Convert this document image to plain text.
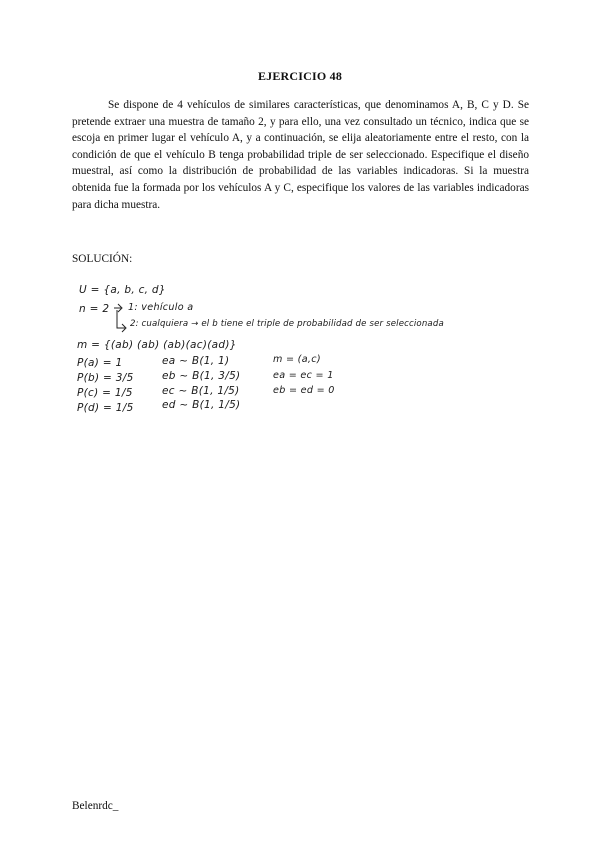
EJERCICIO 48

Se dispone de 4 vehículos de similares características, que denominamos A, B, C y D. Se pretende extraer una muestra de tamaño 2, y para ello, una vez consultado un técnico, indica que se escoja en primer lugar el vehículo A, y a continuación, se elija aleatoriamente entre el resto, con la condición de que el vehículo B tenga probabilidad triple de ser seleccionado. Especifique el diseño muestral, así como la distribución de probabilidad de las variables indicadoras. Si la muestra obtenida fue la formada por los vehículos A y C, especifique los valores de las variables indicadoras para dicha muestra.

SOLUCIÓN:
U = {a, b, c, d}
n = 2 1: vehículo a
2: cualquiera → el b tiene el triple de probabilidad de ser seleccionada
m = {(ab) (ab) (ab)(ac)(ad)}
P(a) = 1
P(b) = 3/5
P(c) = 1/5
P(d) = 1/5
ea ~ B(1, 1)
eb ~ B(1, 3/5)
ec ~ B(1, 1/5)
ed ~ B(1, 1/5)
m = (a,c)
ea = ec = 1
eb = ed = 0
Belenrdc_
